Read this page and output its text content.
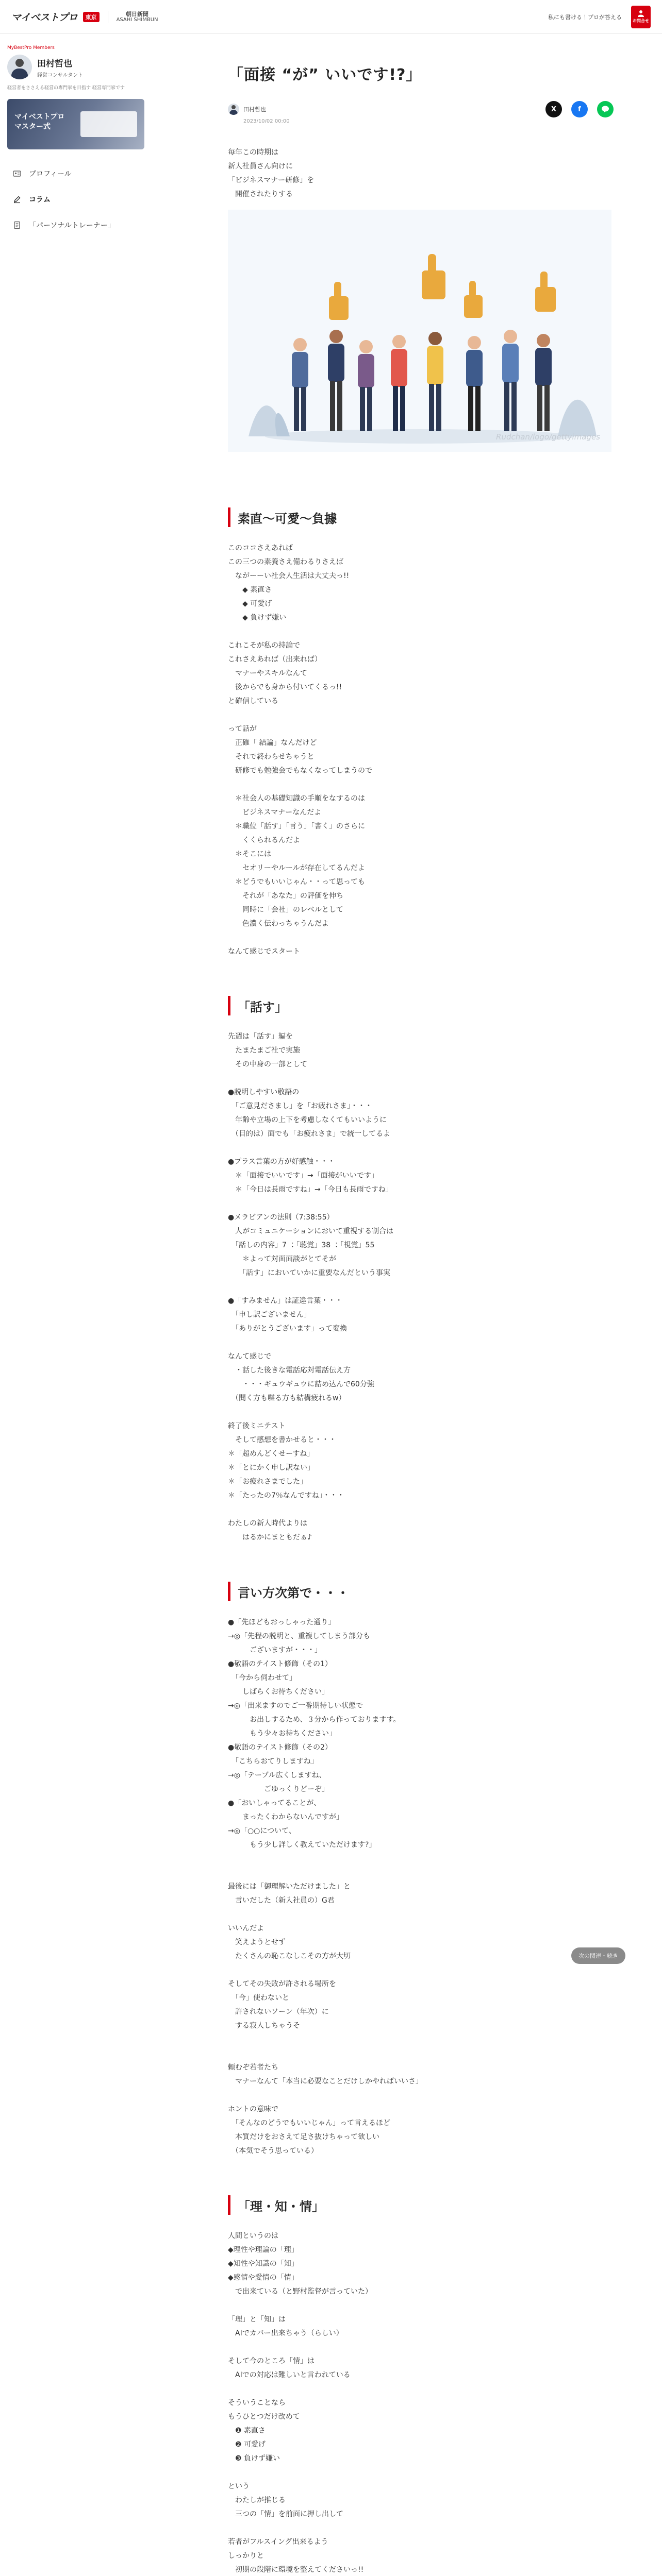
マイベストプロ	東京	朝日新聞
ASAHI SHIMBUN	私にも書ける！プロが答える
お問合せ
MyBestPro Members
田村哲也
経営コンサルタント
経営者をささえる経営の専門家を目指す 経営専門家です
マイベストプロ
マスター式
プロフィール
コラム
「パーソナルトレーナー」
「面接 “が” いいです!?」
田村哲也	X	f
2023/10/02 00:00

毎年この時期は
新入社員さん向けに
「ビジネスマナー研修」を
　開催されたりする

Rudchan/logo/gettyimages
素直〜可愛〜負據

このココさえあれば
この三つの素養さえ備わるりさえば
　ながーーい社会人生活は大丈夫っ!!
　　◆ 素直さ
　　◆ 可愛げ
　　◆ 負けず嫌い

これこそが私の持論で
これさえあれば（出来れば）
　マナーやスキルなんて
　後からでも身から付いてくるっ!!
と確信している

って話が
　正確「 結論」なんだけど
　それで終わらせちゃうと
　研修でも勉強会でもなくなってしまうので

　＊社会人の基礎知識の手順をなするのは
　　ビジネスマナーなんだよ
　＊職位「話す」「言う」「書く」のさらに
　　くくられるんだよ
　＊そこには
　　セオリーやルールが存在してるんだよ
　＊どうでもいいじゃん・・って思っても
　　それが「あなた」の評価を伸ち
　　同時に「会社」のレベルとして
　　色濃く伝わっちゃうんだよ

なんて感じでスタート

「話す」

先週は「話す」編を
　たまたまご社で実施
　その中身の一部として

●説明しやすい敬語の
　「ご意見ださまし」を「お疲れさま」・・・
　年齢や立場の上下を考慮しなくてもいいように
　（目的は）面でも「お疲れさま」で統一してるよ

●プラス言葉の方が好感触・・・
　＊「面接でいいです」→「面接がいいです」
　＊「今日は長雨ですね」→「今日も長雨ですね」

●メラビアンの法則（7:38:55）
　人がコミュニケーションにおいて重視する割合は
　「話しの内容」7 ：「聴覚」38 ：「視覚」55
　　＊よって対面面談がとてそが
　　「話す」においていかに重要なんだという事実

●「すみません」は証違言葉・・・
　「申し訳ございません」
　「ありがとうございます」って変換

なんて感じで
　・話した後きな電話応対電話伝え方
　　・・・ギュウギュウに詰め込んで60分強
　（聞く方も喋る方も結構疲れるw）

終了後ミニテスト
　そして感想を書かせると・・・
＊「超めんどくせーすね」
＊「とにかく申し訳ない」
＊「お疲れさまでした」
＊「たったの7％なんですね」・・・

わたしの新入時代よりは
　　はるかにまともだぁ♪

言い方次第で・・・

●「先ほどもおっしゃった通り」
→◎「先程の説明と、重複してしまう部分も
　　　ございますが・・・」
●敬語のテイスト修飾（その1）
　「今から伺わせて」
　　しばらくお待ちください」
→◎「出来ますのでご一番期待しい状態で
　　　お出しするため、３分から作っておりますす。
　　　もう少々お待ちください」
●敬語のテイスト修飾（その2）
　「こちらおてりしますね」
→◎「テーブル広くしますね、
　　　　　ごゆっくりどーぞ」
●「おいしゃってることが、
　　まったくわからないんですが」
→◎「○○について、
　　　もう少し詳しく教えていただけます?」

最後には「御理解いただけました」と
　言いだした（新入社員の）G君

いいんだよ
　笑えようとせず
　たくさんの恥こなしこその方が大切

そしてその失敗が許される場所を
　「今」使わないと
　許されないソーン（年次）に
　する寂人しちゃうそ

頼むぞ若者たち
　マナーなんて「本当に必要なことだけしかやればいいさ」

ホントの意味で
　「そんなのどうでもいいじゃん」って言えるほど
　本質だけをおさえて足さ抜けちゃって欲しい
　（本気でそう思っている）

「理・知・情」

人間というのは
◆理性や理論の「理」
◆知性や知識の「知」
◆感情や愛情の「情」
　で出来ている（と野村監督が言っていた）

「理」と「知」は
　AIでカバー出来ちゃう（らしい）

そして今のところ「情」は
　AIでの対応は難しいと言われている

そういうことなら
もうひとつだけ改めて
　❶ 素直さ
　❷ 可愛げ
　❸ 負けず嫌い

という
　わたしが推じる
　三つの「情」を前面に押し出して

若者がフルスイング出来るよう
しっかりと
　初期の段階に環境を整えてくださいっ!!

次の関連・続き
